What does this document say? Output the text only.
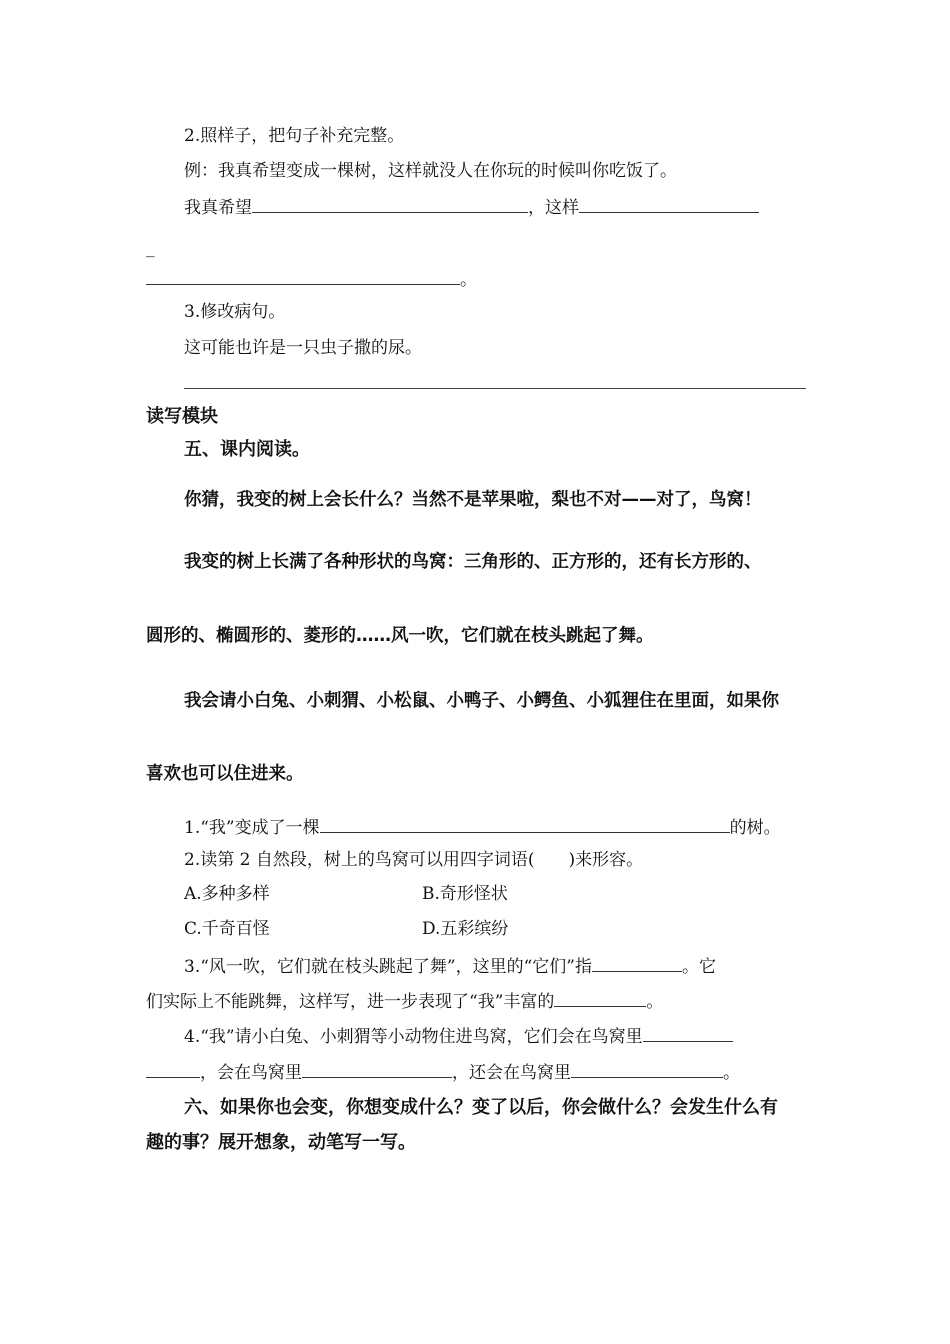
2.照样子，把句子补充完整。
例：我真希望变成一棵树，这样就没人在你玩的时候叫你吃饭了。
我真希望	，这样
_
。
3.修改病句。
这可能也许是一只虫子撒的尿。
读写模块
五、课内阅读。
你猜，我变的树上会长什么？当然不是苹果啦，梨也不对——对了，鸟窝！
我变的树上长满了各种形状的鸟窝：三角形的、正方形的，还有长方形的、
圆形的、椭圆形的、菱形的……风一吹，它们就在枝头跳起了舞。
我会请小白兔、小刺猬、小松鼠、小鸭子、小鳄鱼、小狐狸住在里面，如果你
喜欢也可以住进来。
1.“我”变成了一棵	的树。
2.读第 2 自然段，树上的鸟窝可以用四字词语( )来形容。
A.多种多样	B.奇形怪状
C.千奇百怪	D.五彩缤纷
3.“风一吹，它们就在枝头跳起了舞”，这里的“它们”指	。它
们实际上不能跳舞，这样写，进一步表现了“我”丰富的	。
4.“我”请小白兔、小刺猬等小动物住进鸟窝，它们会在鸟窝里
，会在鸟窝里	，还会在鸟窝里	。
六、如果你也会变，你想变成什么？变了以后，你会做什么？会发生什么有
趣的事？展开想象，动笔写一写。
